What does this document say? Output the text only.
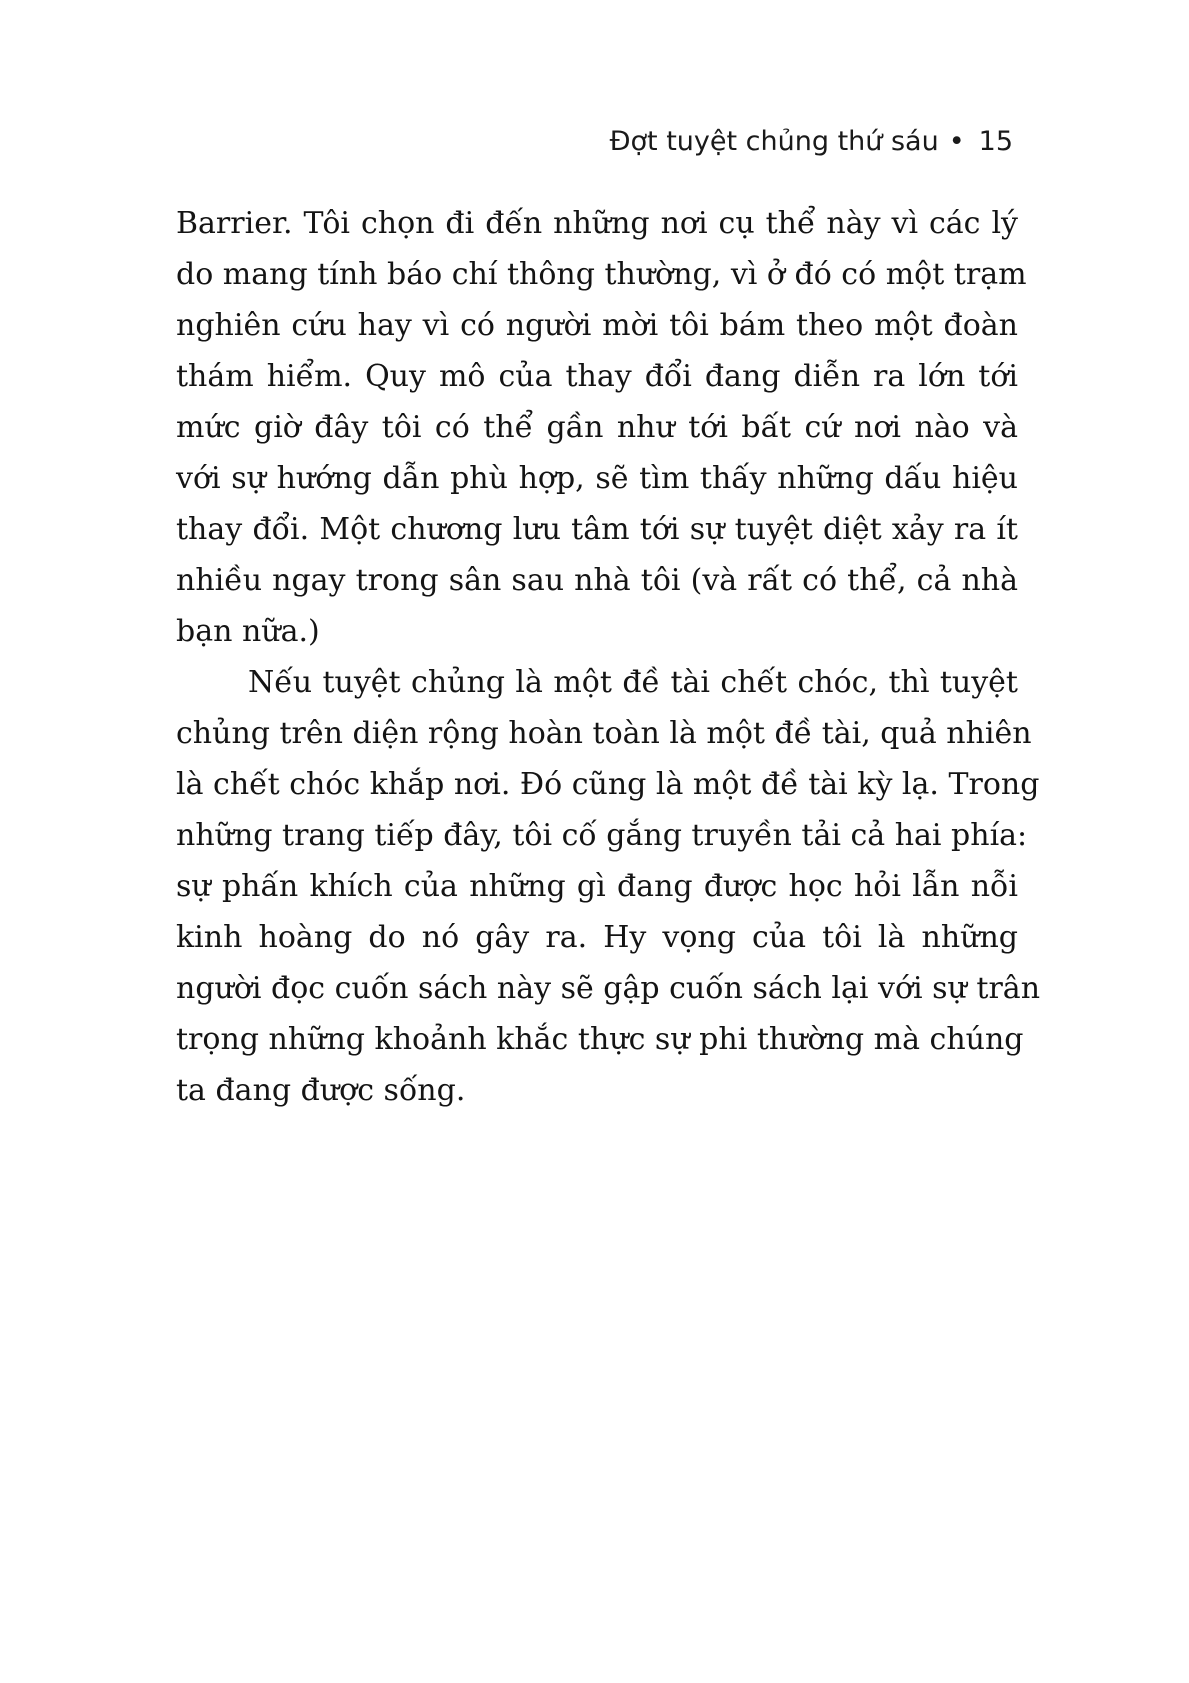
Đợt tuyệt chủng thứ sáu • 15
Barrier. Tôi chọn đi đến những nơi cụ thể này vì các lý
do mang tính báo chí thông thường, vì ở đó có một trạm
nghiên cứu hay vì có người mời tôi bám theo một đoàn
thám hiểm. Quy mô của thay đổi đang diễn ra lớn tới
mức giờ đây tôi có thể gần như tới bất cứ nơi nào và
với sự hướng dẫn phù hợp, sẽ tìm thấy những dấu hiệu
thay đổi. Một chương lưu tâm tới sự tuyệt diệt xảy ra ít
nhiều ngay trong sân sau nhà tôi (và rất có thể, cả nhà
bạn nữa.)
Nếu tuyệt chủng là một đề tài chết chóc, thì tuyệt
chủng trên diện rộng hoàn toàn là một đề tài, quả nhiên
là chết chóc khắp nơi. Đó cũng là một đề tài kỳ lạ. Trong
những trang tiếp đây, tôi cố gắng truyền tải cả hai phía:
sự phấn khích của những gì đang được học hỏi lẫn nỗi
kinh hoàng do nó gây ra. Hy vọng của tôi là những
người đọc cuốn sách này sẽ gập cuốn sách lại với sự trân
trọng những khoảnh khắc thực sự phi thường mà chúng
ta đang được sống.
